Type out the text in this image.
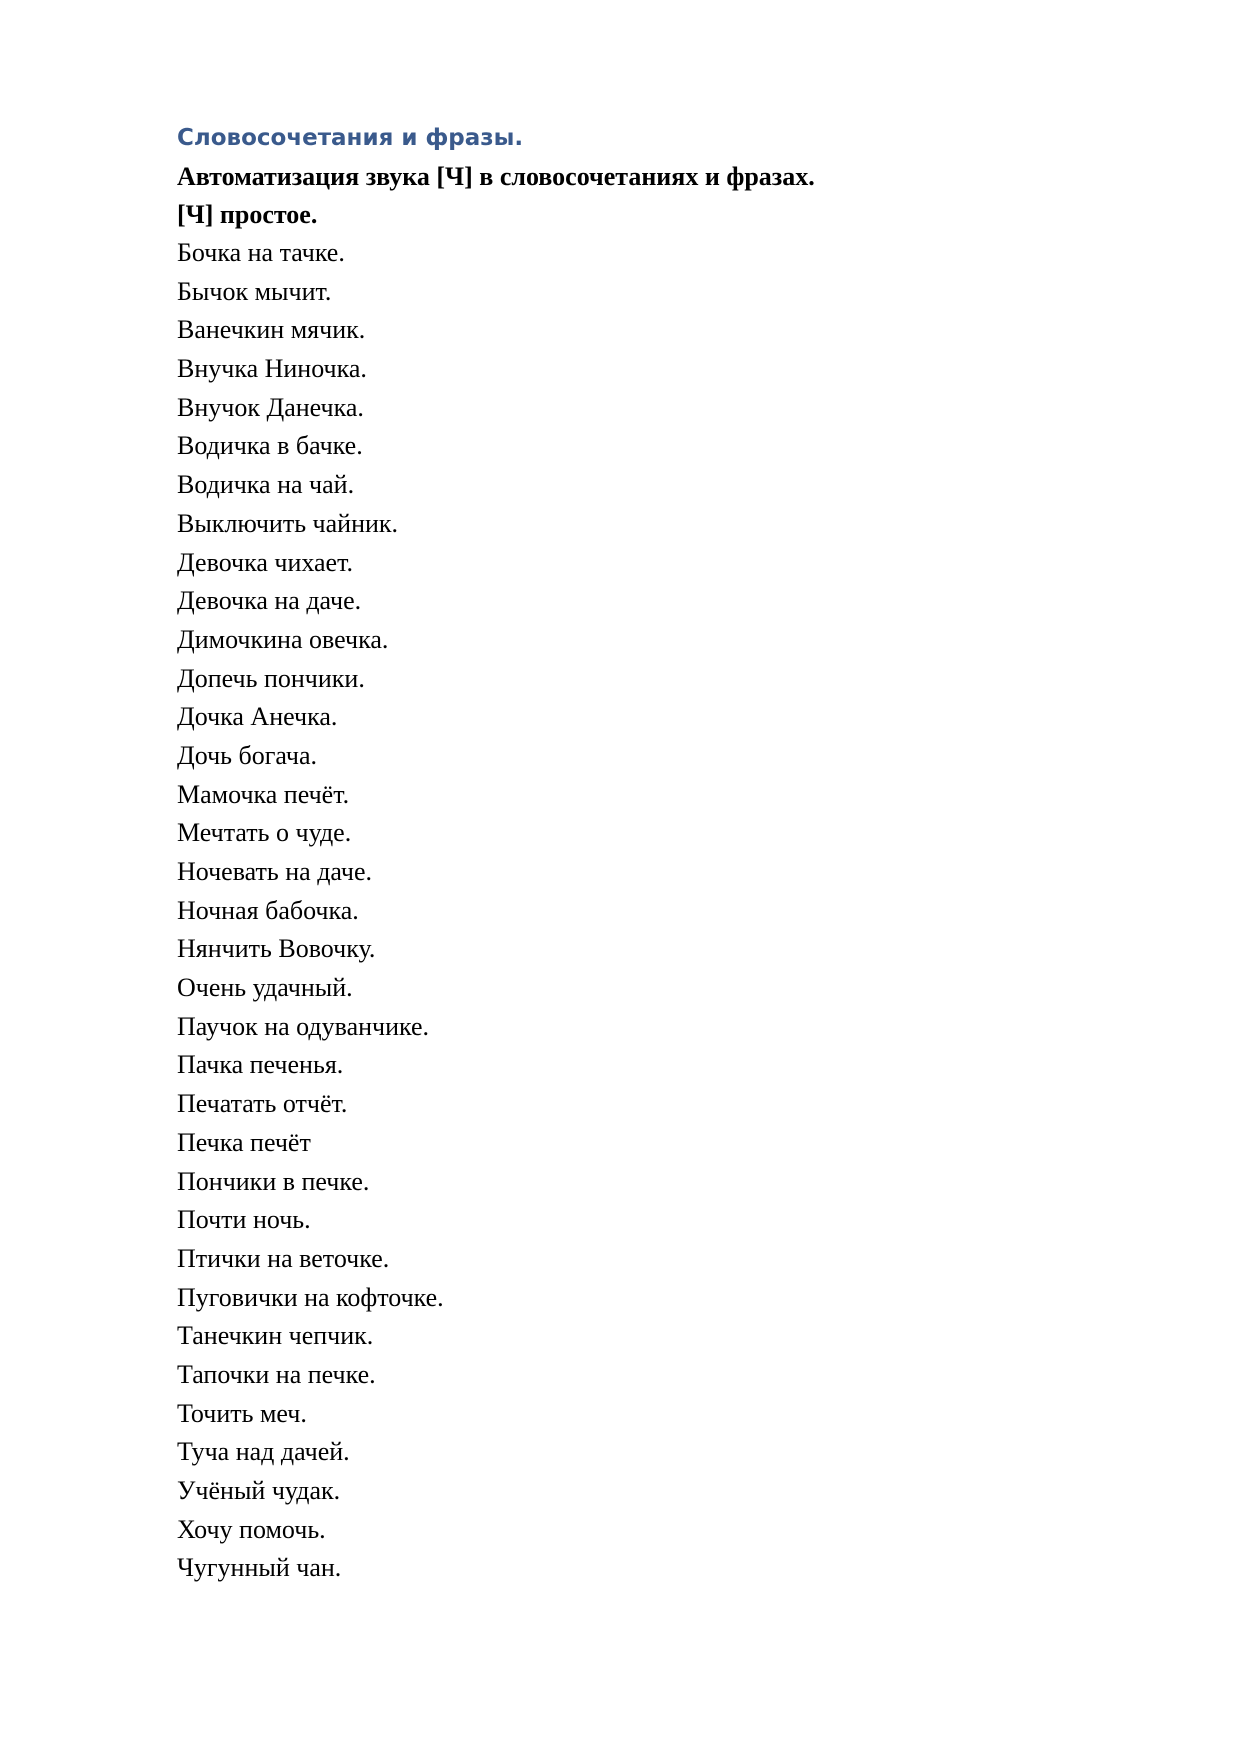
Словосочетания и фразы.
Автоматизация звука [Ч] в словосочетаниях и фразах.
[Ч] простое.
Бочка на тачке.
Бычок мычит.
Ванечкин мячик.
Внучка Ниночка.
Внучок Данечка.
Водичка в бачке.
Водичка на чай.
Выключить чайник.
Девочка чихает.
Девочка на даче.
Димочкина овечка.
Допечь пончики.
Дочка Анечка.
Дочь богача.
Мамочка печёт.
Мечтать о чуде.
Ночевать на даче.
Ночная бабочка.
Нянчить Вовочку.
Очень удачный.
Паучок на одуванчике.
Пачка печенья.
Печатать отчёт.
Печка печёт
Пончики в печке.
Почти ночь.
Птички на веточке.
Пуговички на кофточке.
Танечкин чепчик.
Тапочки на печке.
Точить меч.
Туча над дачей.
Учёный чудак.
Хочу помочь.
Чугунный чан.
